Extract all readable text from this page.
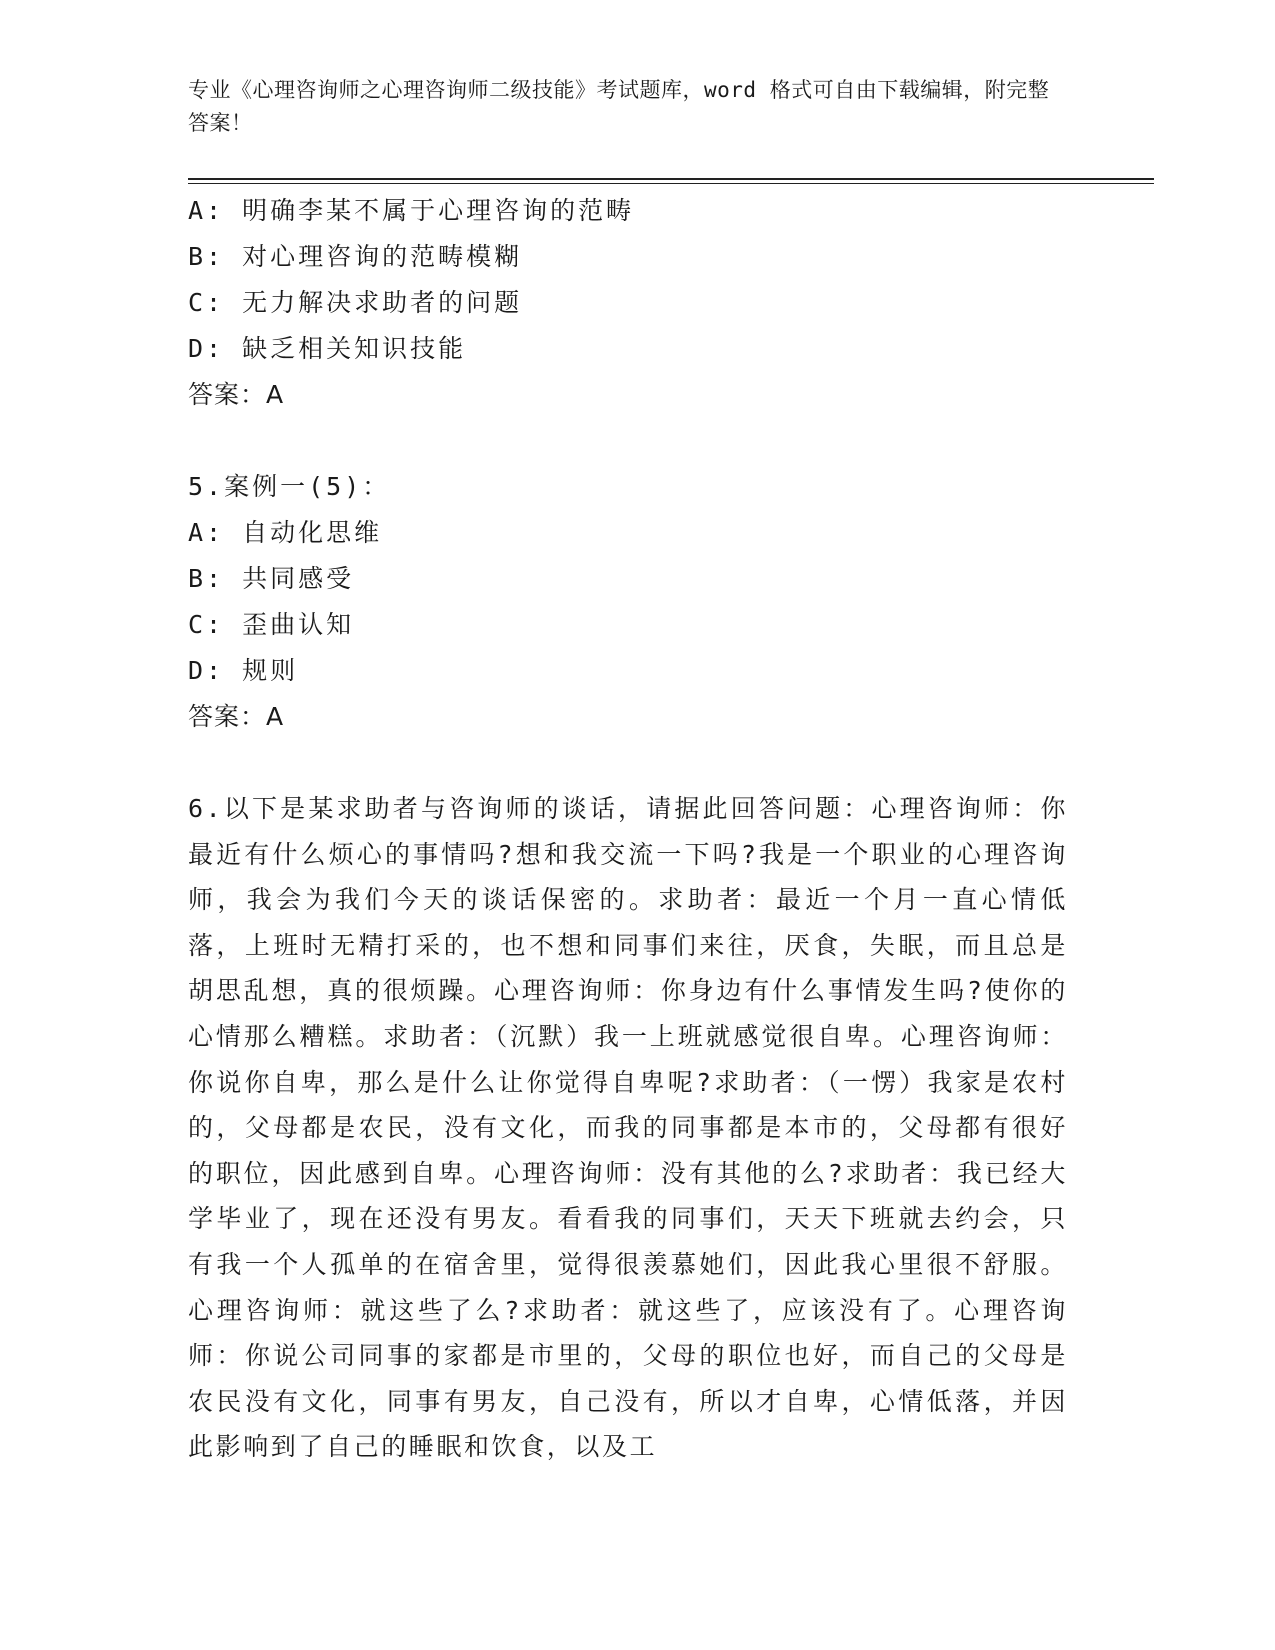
专业《心理咨询师之心理咨询师二级技能》考试题库，word 格式可自由下载编辑，附完整答案！
A: 明确李某不属于心理咨询的范畴
B: 对心理咨询的范畴模糊
C: 无力解决求助者的问题
D: 缺乏相关知识技能
答案：A
5.案例一(5)：
A: 自动化思维
B: 共同感受
C: 歪曲认知
D: 规则
答案：A
6.以下是某求助者与咨询师的谈话，请据此回答问题：心理咨询师：你最近有什么烦心的事情吗?想和我交流一下吗?我是一个职业的心理咨询师，我会为我们今天的谈话保密的。求助者：最近一个月一直心情低落，上班时无精打采的，也不想和同事们来往，厌食，失眠，而且总是胡思乱想，真的很烦躁。心理咨询师：你身边有什么事情发生吗?使你的心情那么糟糕。求助者：（沉默）我一上班就感觉很自卑。心理咨询师：你说你自卑，那么是什么让你觉得自卑呢?求助者：（一愣）我家是农村的，父母都是农民，没有文化，而我的同事都是本市的，父母都有很好的职位，因此感到自卑。心理咨询师：没有其他的么?求助者：我已经大学毕业了，现在还没有男友。看看我的同事们，天天下班就去约会，只有我一个人孤单的在宿舍里，觉得很羡慕她们，因此我心里很不舒服。心理咨询师：就这些了么?求助者：就这些了，应该没有了。心理咨询师：你说公司同事的家都是市里的，父母的职位也好，而自己的父母是农民没有文化，同事有男友，自己没有，所以才自卑，心情低落，并因此影响到了自己的睡眠和饮食，以及工
